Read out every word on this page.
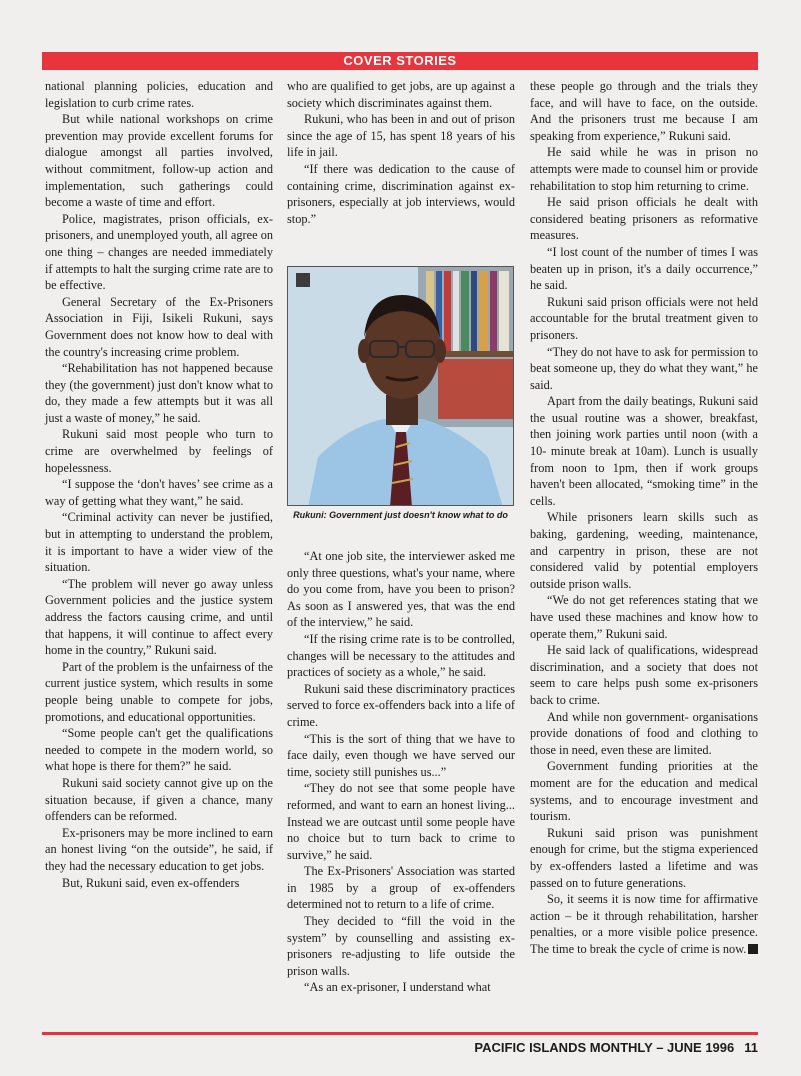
COVER STORIES

national planning policies, education and legislation to curb crime rates.

But while national workshops on crime prevention may provide excellent forums for dialogue amongst all parties involved, without commitment, follow-up action and implementation, such gatherings could become a waste of time and effort.

Police, magistrates, prison officials, ex-prisoners, and unemployed youth, all agree on one thing – changes are needed immediately if attempts to halt the surging crime rate are to be effective.

General Secretary of the Ex-Prisoners Association in Fiji, Isikeli Rukuni, says Government does not know how to deal with the country's increasing crime problem.

“Rehabilitation has not happened because they (the government) just don't know what to do, they made a few attempts but it was all just a waste of money,” he said.

Rukuni said most people who turn to crime are overwhelmed by feelings of hopelessness.

“I suppose the ‘don't haves’ see crime as a way of getting what they want,” he said.

“Criminal activity can never be justified, but in attempting to understand the problem, it is important to have a wider view of the situation.

“The problem will never go away unless Government policies and the justice system address the factors causing crime, and until that happens, it will continue to affect every home in the country,” Rukuni said.

Part of the problem is the unfairness of the current justice system, which results in some people being unable to compete for jobs, promotions, and educational opportunities.

“Some people can't get the qualifications needed to compete in the modern world, so what hope is there for them?” he said.

Rukuni said society cannot give up on the situation because, if given a chance, many offenders can be reformed.

Ex-prisoners may be more inclined to earn an honest living “on the outside”, he said, if they had the necessary education to get jobs.

But, Rukuni said, even ex-offenders

who are qualified to get jobs, are up against a society which discriminates against them.

Rukuni, who has been in and out of prison since the age of 15, has spent 18 years of his life in jail.

“If there was dedication to the cause of containing crime, discrimination against ex-prisoners, especially at job interviews, would stop.”

Rukuni: Government just doesn't know what to do

“At one job site, the interviewer asked me only three questions, what's your name, where do you come from, have you been to prison? As soon as I answered yes, that was the end of the interview,” he said.

“If the rising crime rate is to be controlled, changes will be necessary to the attitudes and practices of society as a whole,” he said.

Rukuni said these discriminatory practices served to force ex-offenders back into a life of crime.

“This is the sort of thing that we have to face daily, even though we have served our time, society still punishes us...”

“They do not see that some people have reformed, and want to earn an honest living... Instead we are outcast until some people have no choice but to turn back to crime to survive,” he said.

The Ex-Prisoners' Association was started in 1985 by a group of ex-offenders determined not to return to a life of crime.

They decided to “fill the void in the system” by counselling and assisting ex-prisoners re-adjusting to life outside the prison walls.

“As an ex-prisoner, I understand what

these people go through and the trials they face, and will have to face, on the outside. And the prisoners trust me because I am speaking from experience,” Rukuni said.

He said while he was in prison no attempts were made to counsel him or provide rehabilitation to stop him returning to crime.

He said prison officials he dealt with considered beating prisoners as reformative measures.

“I lost count of the number of times I was beaten up in prison, it's a daily occurrence,” he said.

Rukuni said prison officials were not held accountable for the brutal treatment given to prisoners.

“They do not have to ask for permission to beat someone up, they do what they want,” he said.

Apart from the daily beatings, Rukuni said the usual routine was a shower, breakfast, then joining work parties until noon (with a 10- minute break at 10am). Lunch is usually from noon to 1pm, then if work groups haven't been allocated, “smoking time” in the cells.

While prisoners learn skills such as baking, gardening, weeding, maintenance, and carpentry in prison, these are not considered valid by potential employers outside prison walls.

“We do not get references stating that we have used these machines and know how to operate them,” Rukuni said.

He said lack of qualifications, widespread discrimination, and a society that does not seem to care helps push some ex-prisoners back to crime.

And while non government- organisations provide donations of food and clothing to those in need, even these are limited.

Government funding priorities at the moment are for the education and medical systems, and to encourage investment and tourism.

Rukuni said prison was punishment enough for crime, but the stigma experienced by ex-offenders lasted a lifetime and was passed on to future generations.

So, it seems it is now time for affirmative action – be it through rehabilitation, harsher penalties, or a more visible police presence. The time to break the cycle of crime is now.

PACIFIC ISLANDS MONTHLY – JUNE 1996 11
